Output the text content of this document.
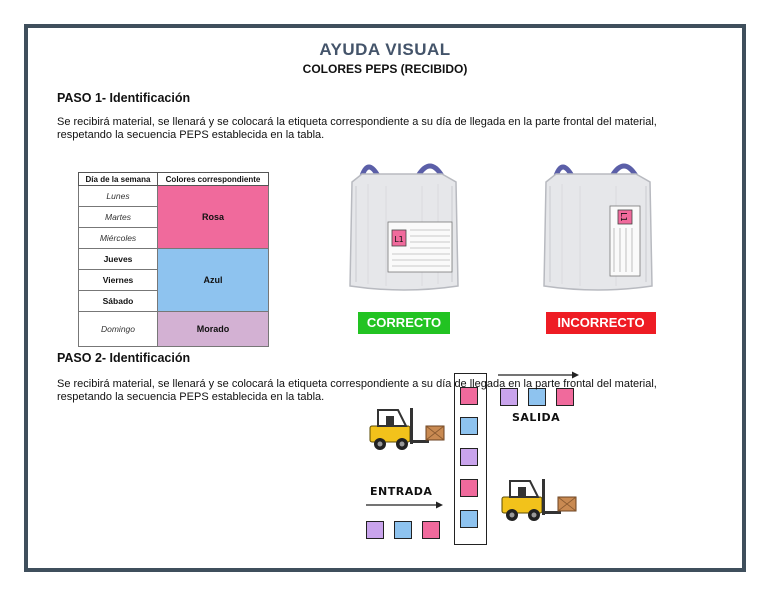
AYUDA VISUAL
COLORES PEPS (RECIBIDO)
PASO 1- Identificación
Se recibirá material, se llenará y se colocará la etiqueta correspondiente a su día de llegada en la parte frontal del material,
respetando la secuencia PEPS establecida en la tabla.
Día de la semana	Colores correspondiente
Lunes	Rosa
Martes	
Miércoles	
Jueves	Azul
Viernes	
Sábado	
Domingo	Morado
L1
L1
CORRECTO	INCORRECTO
PASO 2- Identificación
Se recibirá material, se llenará y se colocará la etiqueta correspondiente a su día de llegada en la parte frontal del material,
respetando la secuencia PEPS establecida en la tabla.
SALIDA
ENTRADA
